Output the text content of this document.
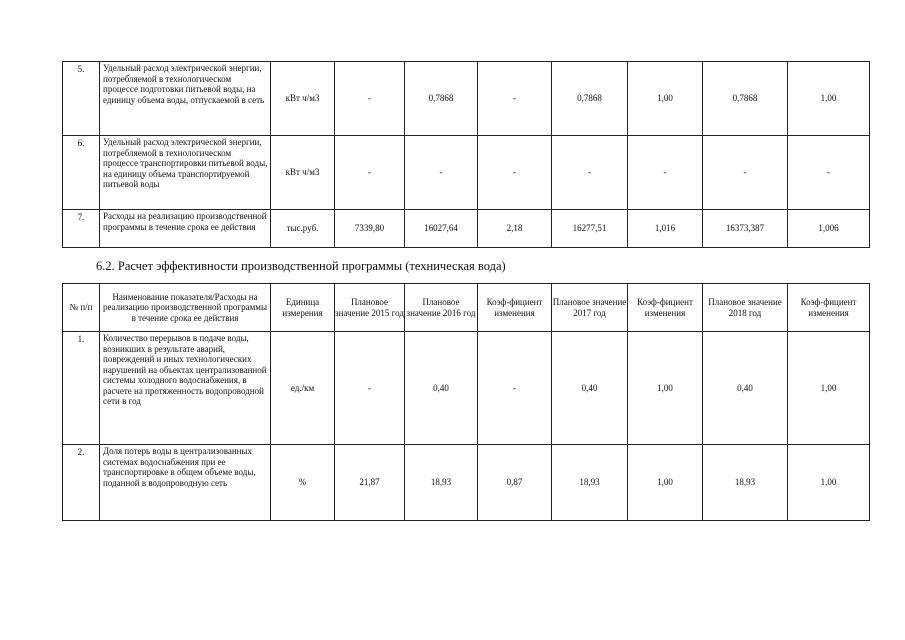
5.	Удельный расход электрической энергии, потребляемой в технологическом процессе подготовки питьевой воды, на единицу объема воды, отпускаемой в сеть	кВт ч/м3	-	0,7868	-	0,7868	1,00	0,7868	1,00
6.	Удельный расход электрической энергии, потребляемой в технологическом процессе транспортировки питьевой воды, на единицу объема транспортируемой питьевой воды	кВт ч/м3	-	-	-	-	-	-	-
7.	Расходы на реализацию производственной программы в течение срока ее действия	тыс.руб.	7339,80	16027,64	2,18	16277,51	1,016	16373,387	1,006
6.2. Расчет эффективности производственной программы (техническая вода)
№ п/п	Наименование показателя/Расходы на реализацию производственной программы в течение срока ее действия	Единица измерения	Плановое значение 2015 год	Плановое значение 2016 год	Коэф-фициент изменения	Плановое значение 2017 год	Коэф-фициент изменения	Плановое значение 2018 год	Коэф-фициент изменения
1.	Количество перерывов в подаче воды, возникших в результате аварий, повреждений и иных технологических нарушений на объектах централизованной системы холодного водоснабжения, в расчете на протяженность водопроводной сети в год	ед./км	-	0,40	-	0,40	1,00	0,40	1,00
2.	Доля потерь воды в централизованных системах водоснабжения при ее транспортировке в общем объеме воды, поданной в водопроводную сеть	%	21,87	18,93	0,87	18,93	1,00	18,93	1,00
